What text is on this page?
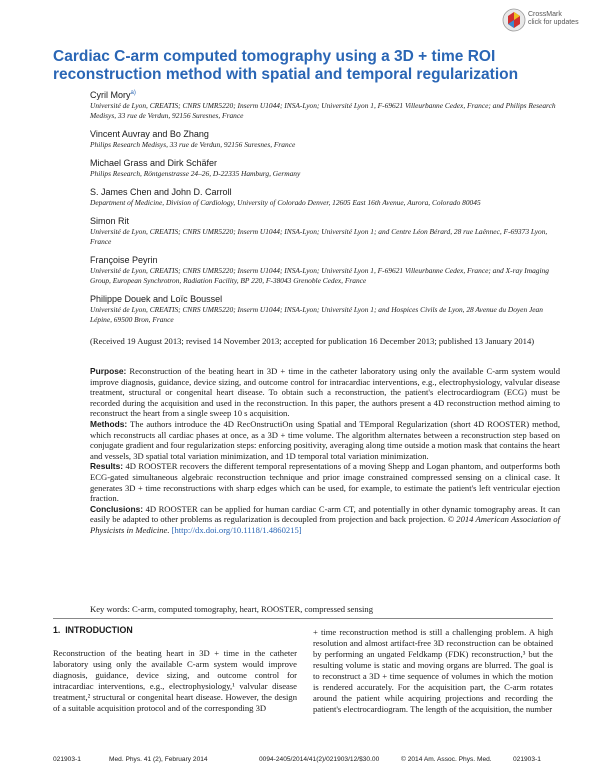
CrossMark
click for updates
Cardiac C-arm computed tomography using a 3D + time ROI reconstruction method with spatial and temporal regularization
Cyril Mory$^{a)}$
Université de Lyon, CREATIS; CNRS UMR5220; Inserm U1044; INSA-Lyon; Université Lyon 1, F-69621 Villeurbanne Cedex, France; and Philips Research Medisys, 33 rue de Verdun, 92156 Suresnes, France
Vincent Auvray and Bo Zhang
Philips Research Medisys, 33 rue de Verdun, 92156 Suresnes, France
Michael Grass and Dirk Schäfer
Philips Research, Röntgenstrasse 24–26, D-22335 Hamburg, Germany
S. James Chen and John D. Carroll
Department of Medicine, Division of Cardiology, University of Colorado Denver, 12605 East 16th Avenue, Aurora, Colorado 80045
Simon Rit
Université de Lyon, CREATIS; CNRS UMR5220; Inserm U1044; INSA-Lyon; Université Lyon 1; and Centre Léon Bérard, 28 rue Laënnec, F-69373 Lyon, France
Françoise Peyrin
Université de Lyon, CREATIS; CNRS UMR5220; Inserm U1044; INSA-Lyon; Université Lyon 1, F-69621 Villeurbanne Cedex, France; and X-ray Imaging Group, European Synchrotron, Radiation Facility, BP 220, F-38043 Grenoble Cedex, France
Philippe Douek and Loïc Boussel
Université de Lyon, CREATIS; CNRS UMR5220; Inserm U1044; INSA-Lyon; Université Lyon 1; and Hospices Civils de Lyon, 28 Avenue du Doyen Jean Lépine, 69500 Bron, France
(Received 19 August 2013; revised 14 November 2013; accepted for publication 16 December 2013; published 13 January 2014)

Purpose: Reconstruction of the beating heart in 3D + time in the catheter laboratory using only the available C-arm system would improve diagnosis, guidance, device sizing, and outcome control for intracardiac interventions, e.g., electrophysiology, valvular disease treatment, structural or congenital heart disease. To obtain such a reconstruction, the patient's electrocardiogram (ECG) must be recorded during the acquisition and used in the reconstruction. In this paper, the authors present a 4D reconstruction method aiming to reconstruct the heart from a single sweep 10 s acquisition.

Methods: The authors introduce the 4D RecOnstructiOn using Spatial and TEmporal Regularization (short 4D ROOSTER) method, which reconstructs all cardiac phases at once, as a 3D + time volume. The algorithm alternates between a reconstruction step based on conjugate gradient and four regularization steps: enforcing positivity, averaging along time outside a motion mask that contains the heart and vessels, 3D spatial total variation minimization, and 1D temporal total variation minimization.

Results: 4D ROOSTER recovers the different temporal representations of a moving Shepp and Logan phantom, and outperforms both ECG-gated simultaneous algebraic reconstruction technique and prior image constrained compressed sensing on a clinical case. It generates 3D + time reconstructions with sharp edges which can be used, for example, to estimate the patient's left ventricular ejection fraction.

Conclusions: 4D ROOSTER can be applied for human cardiac C-arm CT, and potentially in other dynamic tomography areas. It can easily be adapted to other problems as regularization is decoupled from projection and back projection. © 2014 American Association of Physicists in Medicine. [http://dx.doi.org/10.1118/1.4860215]

Key words: C-arm, computed tomography, heart, ROOSTER, compressed sensing
1. INTRODUCTION
Reconstruction of the beating heart in 3D + time in the catheter laboratory using only the available C-arm system would improve diagnosis, guidance, device sizing, and outcome control for intracardiac interventions, e.g., electrophysiology,¹ valvular disease treatment,² structural or congenital heart disease. However, the design of a suitable acquisition protocol and of the corresponding 3D
+ time reconstruction method is still a challenging problem. A high resolution and almost artifact-free 3D reconstruction can be obtained by performing an ungated Feldkamp (FDK) reconstruction,³ but the resulting volume is static and moving organs are blurred. The goal is to reconstruct a 3D + time sequence of volumes in which the motion is rendered accurately. For the acquisition part, the C-arm rotates around the patient while acquiring projections and recording the patient's electrocardiogram. The length of the acquisition, the number
021903-1	Med. Phys. 41 (2), February 2014	0094-2405/2014/41(2)/021903/12/$30.00	© 2014 Am. Assoc. Phys. Med.	021903-1
